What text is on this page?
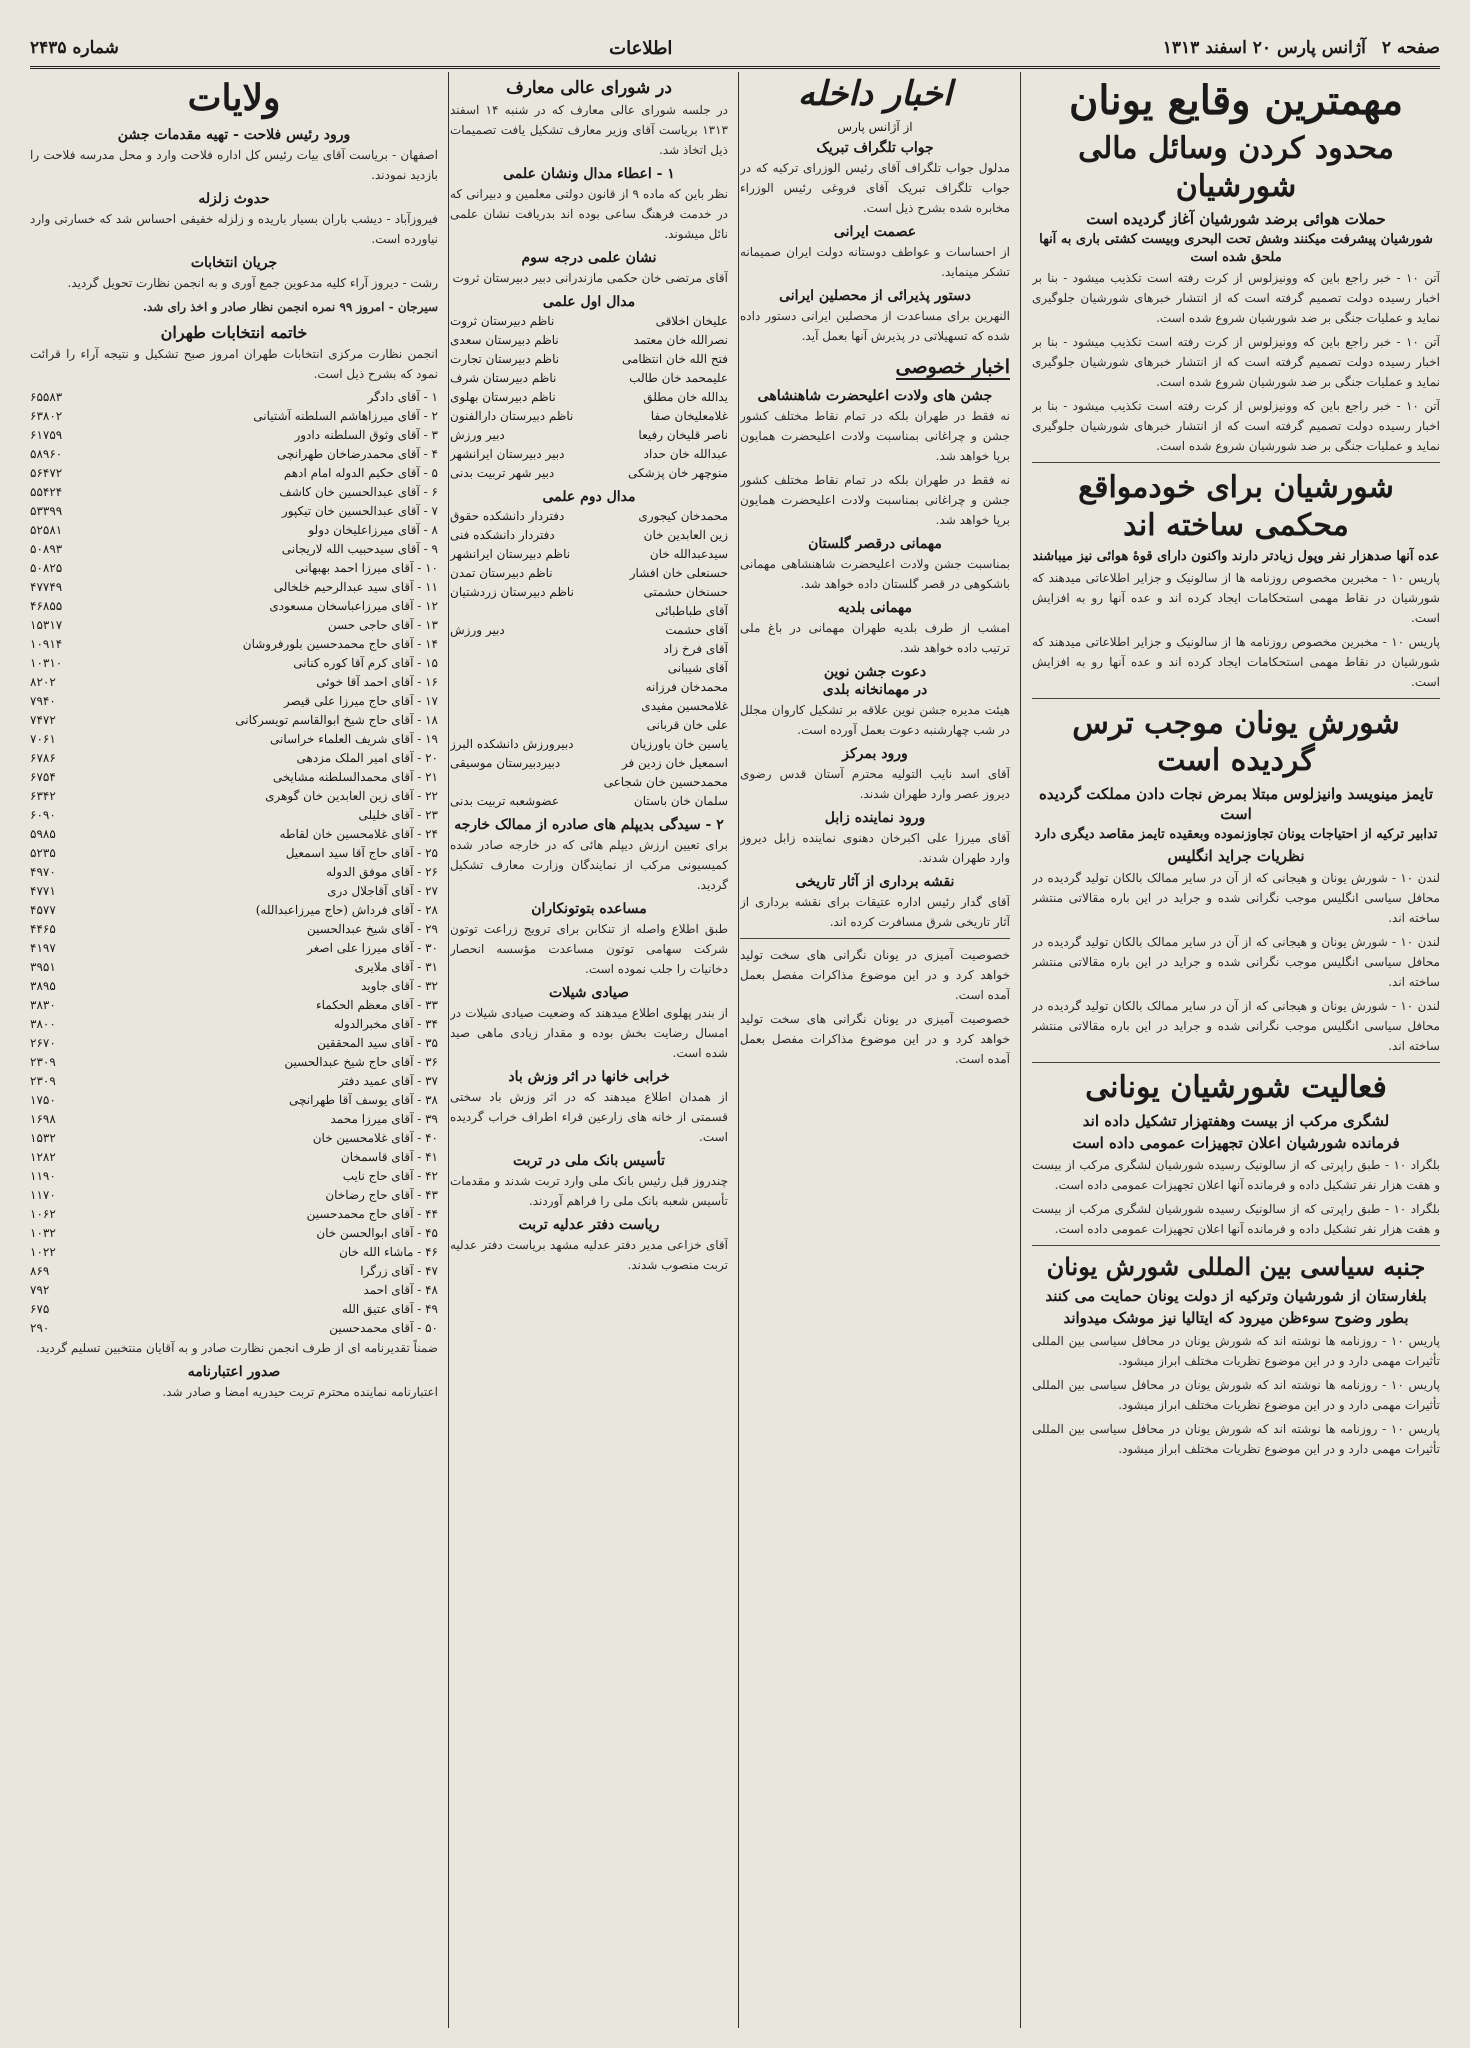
صفحه ۲
آژانس پارس ۲۰ اسفند ۱۳۱۳
اطلاعات
شماره ۲۴۳۵
مهمترین وقایع یونان
محدود کردن وسائل مالی شورشیان
حملات هوائی برضد شورشیان آغاز گردیده است
شورشیان پیشرفت میکنند وشش تحت البحری وبیست کشتی باری به آنها ملحق شده است

آتن ۱۰ - خبر راجع باین که وونیزلوس از کرت رفته است تکذیب میشود - بنا بر اخبار رسیده دولت تصمیم گرفته است که از انتشار خبرهای شورشیان جلوگیری نماید و عملیات جنگی بر ضد شورشیان شروع شده است.

آتن ۱۰ - خبر راجع باین که وونیزلوس از کرت رفته است تکذیب میشود - بنا بر اخبار رسیده دولت تصمیم گرفته است که از انتشار خبرهای شورشیان جلوگیری نماید و عملیات جنگی بر ضد شورشیان شروع شده است.

آتن ۱۰ - خبر راجع باین که وونیزلوس از کرت رفته است تکذیب میشود - بنا بر اخبار رسیده دولت تصمیم گرفته است که از انتشار خبرهای شورشیان جلوگیری نماید و عملیات جنگی بر ضد شورشیان شروع شده است.

شورشیان برای خودمواقع محکمی ساخته اند
عده آنها صدهزار نفر وپول زیادتر دارند واکنون دارای قوهٔ هوائی نیز میباشند

پاریس ۱۰ - مخبرین مخصوص روزنامه ها از سالونیک و جزایر اطلاعاتی میدهند که شورشیان در نقاط مهمی استحکامات ایجاد کرده اند و عده آنها رو به افزایش است.

پاریس ۱۰ - مخبرین مخصوص روزنامه ها از سالونیک و جزایر اطلاعاتی میدهند که شورشیان در نقاط مهمی استحکامات ایجاد کرده اند و عده آنها رو به افزایش است.

شورش یونان موجب ترس گردیده است
تایمز مینویسد وانیزلوس مبتلا بمرض نجات دادن مملکت گردیده است
تدابیر ترکیه از احتیاجات یونان تجاوزنموده وبعقیده تایمز مقاصد دیگری دارد
نظریات جراید انگلیس

لندن ۱۰ - شورش یونان و هیجانی که از آن در سایر ممالک بالکان تولید گردیده در محافل سیاسی انگلیس موجب نگرانی شده و جراید در این باره مقالاتی منتشر ساخته اند.

لندن ۱۰ - شورش یونان و هیجانی که از آن در سایر ممالک بالکان تولید گردیده در محافل سیاسی انگلیس موجب نگرانی شده و جراید در این باره مقالاتی منتشر ساخته اند.

لندن ۱۰ - شورش یونان و هیجانی که از آن در سایر ممالک بالکان تولید گردیده در محافل سیاسی انگلیس موجب نگرانی شده و جراید در این باره مقالاتی منتشر ساخته اند.

فعالیت شورشیان یونانی
لشگری مرکب از بیست وهفتهزار تشکیل داده اند
فرمانده شورشیان اعلان تجهیزات عمومی داده است

بلگراد ۱۰ - طبق راپرتی که از سالونیک رسیده شورشیان لشگری مرکب از بیست و هفت هزار نفر تشکیل داده و فرمانده آنها اعلان تجهیزات عمومی داده است.

بلگراد ۱۰ - طبق راپرتی که از سالونیک رسیده شورشیان لشگری مرکب از بیست و هفت هزار نفر تشکیل داده و فرمانده آنها اعلان تجهیزات عمومی داده است.

جنبه سیاسی بین المللی شورش یونان
بلغارستان از شورشیان وترکیه از دولت یونان حمایت می کنند
بطور وضوح سوءظن میرود که ایتالیا نیز موشک میدواند

پاریس ۱۰ - روزنامه ها نوشته اند که شورش یونان در محافل سیاسی بین المللی تأثیرات مهمی دارد و در این موضوع نظریات مختلف ابراز میشود.

پاریس ۱۰ - روزنامه ها نوشته اند که شورش یونان در محافل سیاسی بین المللی تأثیرات مهمی دارد و در این موضوع نظریات مختلف ابراز میشود.

پاریس ۱۰ - روزنامه ها نوشته اند که شورش یونان در محافل سیاسی بین المللی تأثیرات مهمی دارد و در این موضوع نظریات مختلف ابراز میشود.

اخبار داخله
از آژانس پارس
جواب تلگراف تبریک

مدلول جواب تلگراف آقای رئیس الوزرای ترکیه که در جواب تلگراف تبریک آقای فروغی رئیس الوزراء مخابره شده بشرح ذیل است.

عصمت ایرانی

از احساسات و عواطف دوستانه دولت ایران صمیمانه تشکر مینماید.

دستور پذیرائی از محصلین ایرانی

النهرین برای مساعدت از محصلین ایرانی دستور داده شده که تسهیلاتی در پذیرش آنها بعمل آید.

اخبار خصوصی
جشن های ولادت اعلیحضرت شاهنشاهی

نه فقط در طهران بلکه در تمام نقاط مختلف کشور جشن و چراغانی بمناسبت ولادت اعلیحضرت همایون برپا خواهد شد.

نه فقط در طهران بلکه در تمام نقاط مختلف کشور جشن و چراغانی بمناسبت ولادت اعلیحضرت همایون برپا خواهد شد.

مهمانی درقصر گلستان

بمناسبت جشن ولادت اعلیحضرت شاهنشاهی مهمانی باشکوهی در قصر گلستان داده خواهد شد.

مهمانی بلدیه

امشب از طرف بلدیه طهران مهمانی در باغ ملی ترتیب داده خواهد شد.

دعوت جشن نوین
در مهمانخانه بلدی

هیئت مدیره جشن نوین علاقه بر تشکیل کاروان مجلل در شب چهارشنبه دعوت بعمل آورده است.

ورود بمرکز

آقای اسد نایب التولیه محترم آستان قدس رضوی دیروز عصر وارد طهران شدند.

ورود نماینده زابل

آقای میرزا علی اکبرخان دهنوی نماینده زابل دیروز وارد طهران شدند.

نقشه برداری از آثار تاریخی

آقای گدار رئیس اداره عتیقات برای نقشه برداری از آثار تاریخی شرق مسافرت کرده اند.

خصوصیت آمیزی در یونان نگرانی های سخت تولید خواهد کرد و در این موضوع مذاکرات مفصل بعمل آمده است.

خصوصیت آمیزی در یونان نگرانی های سخت تولید خواهد کرد و در این موضوع مذاکرات مفصل بعمل آمده است.

در شورای عالی معارف

در جلسه شورای عالی معارف که در شنبه ۱۴ اسفند ۱۳۱۳ بریاست آقای وزیر معارف تشکیل یافت تصمیمات ذیل اتخاذ شد.

۱ - اعطاء مدال ونشان علمی

نظر باین که ماده ۹ از قانون دولتی معلمین و دبیرانی که در خدمت فرهنگ ساعی بوده اند بدریافت نشان علمی نائل میشوند.

نشان علمی درجه سوم

آقای مرتضی خان حکمی مازندرانی دبیر دبیرستان ثروت

مدال اول علمی
علیخان اخلاقی
ناظم دبیرستان ثروت
نصرالله خان معتمد
ناظم دبیرستان سعدی
فتح الله خان انتظامی
ناظم دبیرستان تجارت
علیمحمد خان طالب
ناظم دبیرستان شرف
یدالله خان مطلق
ناظم دبیرستان بهلوی
غلامعلیخان صفا
ناظم دبیرستان دارالفنون
ناصر قلیخان رفیعا
دبیر ورزش
عبدالله خان حداد
دبیر دبیرستان ایرانشهر
منوچهر خان پزشکی
دبیر شهر تربیت بدنی
مدال دوم علمی
محمدخان کیجوری
دفتردار دانشکده حقوق
زین العابدین خان
دفتردار دانشکده فنی
سیدعبدالله خان
ناظم دبیرستان ایرانشهر
حسنعلی خان افشار
ناظم دبیرستان تمدن
حسنخان حشمتی
ناظم دبیرستان زردشتیان
آقای طباطبائی
آقای حشمت
دبیر ورزش
آقای فرخ زاد
آقای شیبانی
محمدخان فرزانه
غلامحسین مفیدی
علی خان قربانی
یاسین خان یاورزیان
دبیرورزش دانشکده البرز
اسمعیل خان زدین فر
دبیردبیرستان موسیقی
محمدحسین خان شجاعی
سلمان خان باستان
عضوشعبه تربیت بدنی
۲ - سیدگی بدیپلم های صادره از ممالک خارجه

برای تعیین ارزش دیپلم هائی که در خارجه صادر شده کمیسیونی مرکب از نمایندگان وزارت معارف تشکیل گردید.

مساعده بتوتونکاران

طبق اطلاع واصله از تنکابن برای ترویج زراعت توتون شرکت سهامی توتون مساعدت مؤسسه انحصار دخانیات را جلب نموده است.

صیادی شیلات

از بندر پهلوی اطلاع میدهند که وضعیت صیادی شیلات در امسال رضایت بخش بوده و مقدار زیادی ماهی صید شده است.

خرابی خانها در اثر وزش باد

از همدان اطلاع میدهند که در اثر وزش باد سختی قسمتی از خانه های زارعین قراء اطراف خراب گردیده است.

تأسیس بانک ملی در تربت

چندروز قبل رئیس بانک ملی وارد تربت شدند و مقدمات تأسیس شعبه بانک ملی را فراهم آوردند.

ریاست دفتر عدلیه تربت

آقای خزاعی مدیر دفتر عدلیه مشهد بریاست دفتر عدلیه تربت منصوب شدند.

ولایات
ورود رئیس فلاحت - تهیه مقدمات جشن

اصفهان - بریاست آقای بیات رئیس کل اداره فلاحت وارد و محل مدرسه فلاحت را بازدید نمودند.

حدوث زلزله

فیروزآباد - دیشب باران بسیار باریده و زلزله خفیفی احساس شد که خسارتی وارد نیاورده است.

جریان انتخابات

رشت - دیروز آراء کلیه مدعوین جمع آوری و به انجمن نظارت تحویل گردید.

سیرجان - امروز ۹۹ نمره انجمن نظار صادر و اخذ رای شد.

خاتمه انتخابات طهران

انجمن نظارت مرکزی انتخابات طهران امروز صبح تشکیل و نتیجه آراء را قرائت نمود که بشرح ذیل است.

۱ - آقای دادگر
۶۵۵۸۳
۲ - آقای میرزاهاشم السلطنه آشتیانی
۶۳۸۰۲
۳ - آقای وثوق السلطنه دادور
۶۱۷۵۹
۴ - آقای محمدرضاخان طهرانچی
۵۸۹۶۰
۵ - آقای حکیم الدوله امام ادهم
۵۶۴۷۲
۶ - آقای عبدالحسین خان کاشف
۵۵۴۲۴
۷ - آقای عبدالحسین خان تیکپور
۵۳۳۹۹
۸ - آقای میرزاعلیخان دولو
۵۲۵۸۱
۹ - آقای سیدحبیب الله لاریجانی
۵۰۸۹۳
۱۰ - آقای میرزا احمد بهبهانی
۵۰۸۲۵
۱۱ - آقای سید عبدالرحیم خلخالی
۴۷۷۴۹
۱۲ - آقای میرزاعباسخان مسعودی
۴۶۸۵۵
۱۳ - آقای حاجی حسن
۱۵۳۱۷
۱۴ - آقای حاج محمدحسین بلورفروشان
۱۰۹۱۴
۱۵ - آقای کرم آقا کوره کنانی
۱۰۳۱۰
۱۶ - آقای احمد آقا خوئی
۸۲۰۲
۱۷ - آقای حاج میرزا علی قیصر
۷۹۴۰
۱۸ - آقای حاج شیخ ابوالقاسم تویسرکانی
۷۴۷۲
۱۹ - آقای شریف العلماء خراسانی
۷۰۶۱
۲۰ - آقای امیر الملک مزدهی
۶۷۸۶
۲۱ - آقای محمدالسلطنه مشایخی
۶۷۵۴
۲۲ - آقای زین العابدین خان گوهری
۶۳۴۲
۲۳ - آقای خلیلی
۶۰۹۰
۲۴ - آقای غلامحسین خان لقاطه
۵۹۸۵
۲۵ - آقای حاج آقا سید اسمعیل
۵۲۳۵
۲۶ - آقای موفق الدوله
۴۹۷۰
۲۷ - آقای آقاجلال دری
۴۷۷۱
۲۸ - آقای فرداش (حاج میرزاعبدالله)
۴۵۷۷
۲۹ - آقای شیخ عبدالحسین
۴۴۶۵
۳۰ - آقای میرزا علی اصغر
۴۱۹۷
۳۱ - آقای ملایری
۳۹۵۱
۳۲ - آقای جاوید
۳۸۹۵
۳۳ - آقای معظم الحکماء
۳۸۳۰
۳۴ - آقای مخبرالدوله
۳۸۰۰
۳۵ - آقای سید المحققین
۲۶۷۰
۳۶ - آقای حاج شیخ عبدالحسین
۲۳۰۹
۳۷ - آقای عمید دفتر
۲۳۰۹
۳۸ - آقای یوسف آقا طهرانچی
۱۷۵۰
۳۹ - آقای میرزا محمد
۱۶۹۸
۴۰ - آقای غلامحسین خان
۱۵۳۲
۴۱ - آقای قاسمخان
۱۲۸۲
۴۲ - آقای حاج نایب
۱۱۹۰
۴۳ - آقای حاج رضاخان
۱۱۷۰
۴۴ - آقای حاج محمدحسین
۱۰۶۲
۴۵ - آقای ابوالحسن خان
۱۰۳۲
۴۶ - ماشاء الله خان
۱۰۲۲
۴۷ - آقای زرگرا
۸۶۹
۴۸ - آقای احمد
۷۹۲
۴۹ - آقای عتیق الله
۶۷۵
۵۰ - آقای محمدحسین
۲۹۰

ضمناً تقدیرنامه ای از طرف انجمن نظارت صادر و به آقایان منتخبین تسلیم گردید.

صدور اعتبارنامه

اعتبارنامه نماینده محترم تربت حیدریه امضا و صادر شد.
